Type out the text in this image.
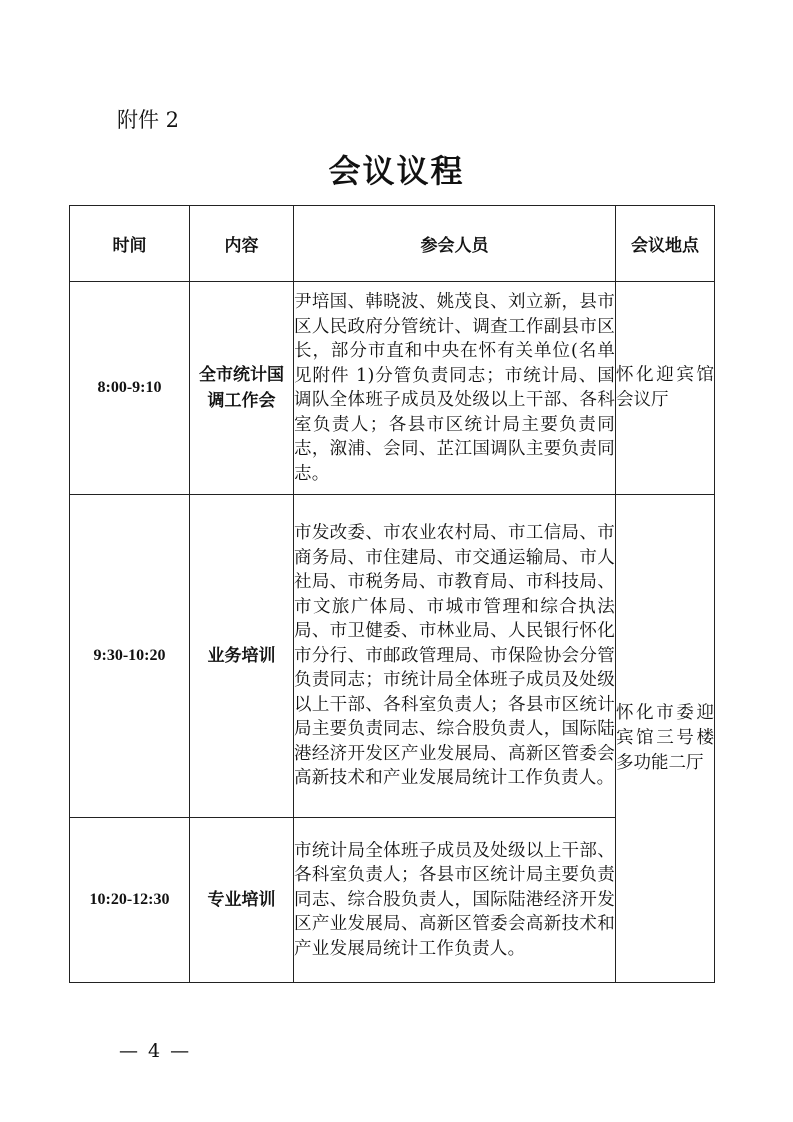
附件 2
会议议程
时间	内容	参会人员	会议地点
8:00-9:10	全市统计国调工作会	尹培国、韩晓波、姚茂良、刘立新，县市区人民政府分管统计、调查工作副县市区长，部分市直和中央在怀有关单位(名单见附件 1)分管负责同志；市统计局、国调队全体班子成员及处级以上干部、各科室负责人；各县市区统计局主要负责同志，溆浦、会同、芷江国调队主要负责同志。	怀化迎宾馆会议厅
9:30-10:20	业务培训	市发改委、市农业农村局、市工信局、市商务局、市住建局、市交通运输局、市人社局、市税务局、市教育局、市科技局、市文旅广体局、市城市管理和综合执法局、市卫健委、市林业局、人民银行怀化市分行、市邮政管理局、市保险协会分管负责同志；市统计局全体班子成员及处级以上干部、各科室负责人；各县市区统计局主要负责同志、综合股负责人，国际陆港经济开发区产业发展局、高新区管委会高新技术和产业发展局统计工作负责人。	怀化市委迎宾馆三号楼多功能二厅
10:20-12:30	专业培训	市统计局全体班子成员及处级以上干部、各科室负责人；各县市区统计局主要负责同志、综合股负责人，国际陆港经济开发区产业发展局、高新区管委会高新技术和产业发展局统计工作负责人。	
— 4 —
